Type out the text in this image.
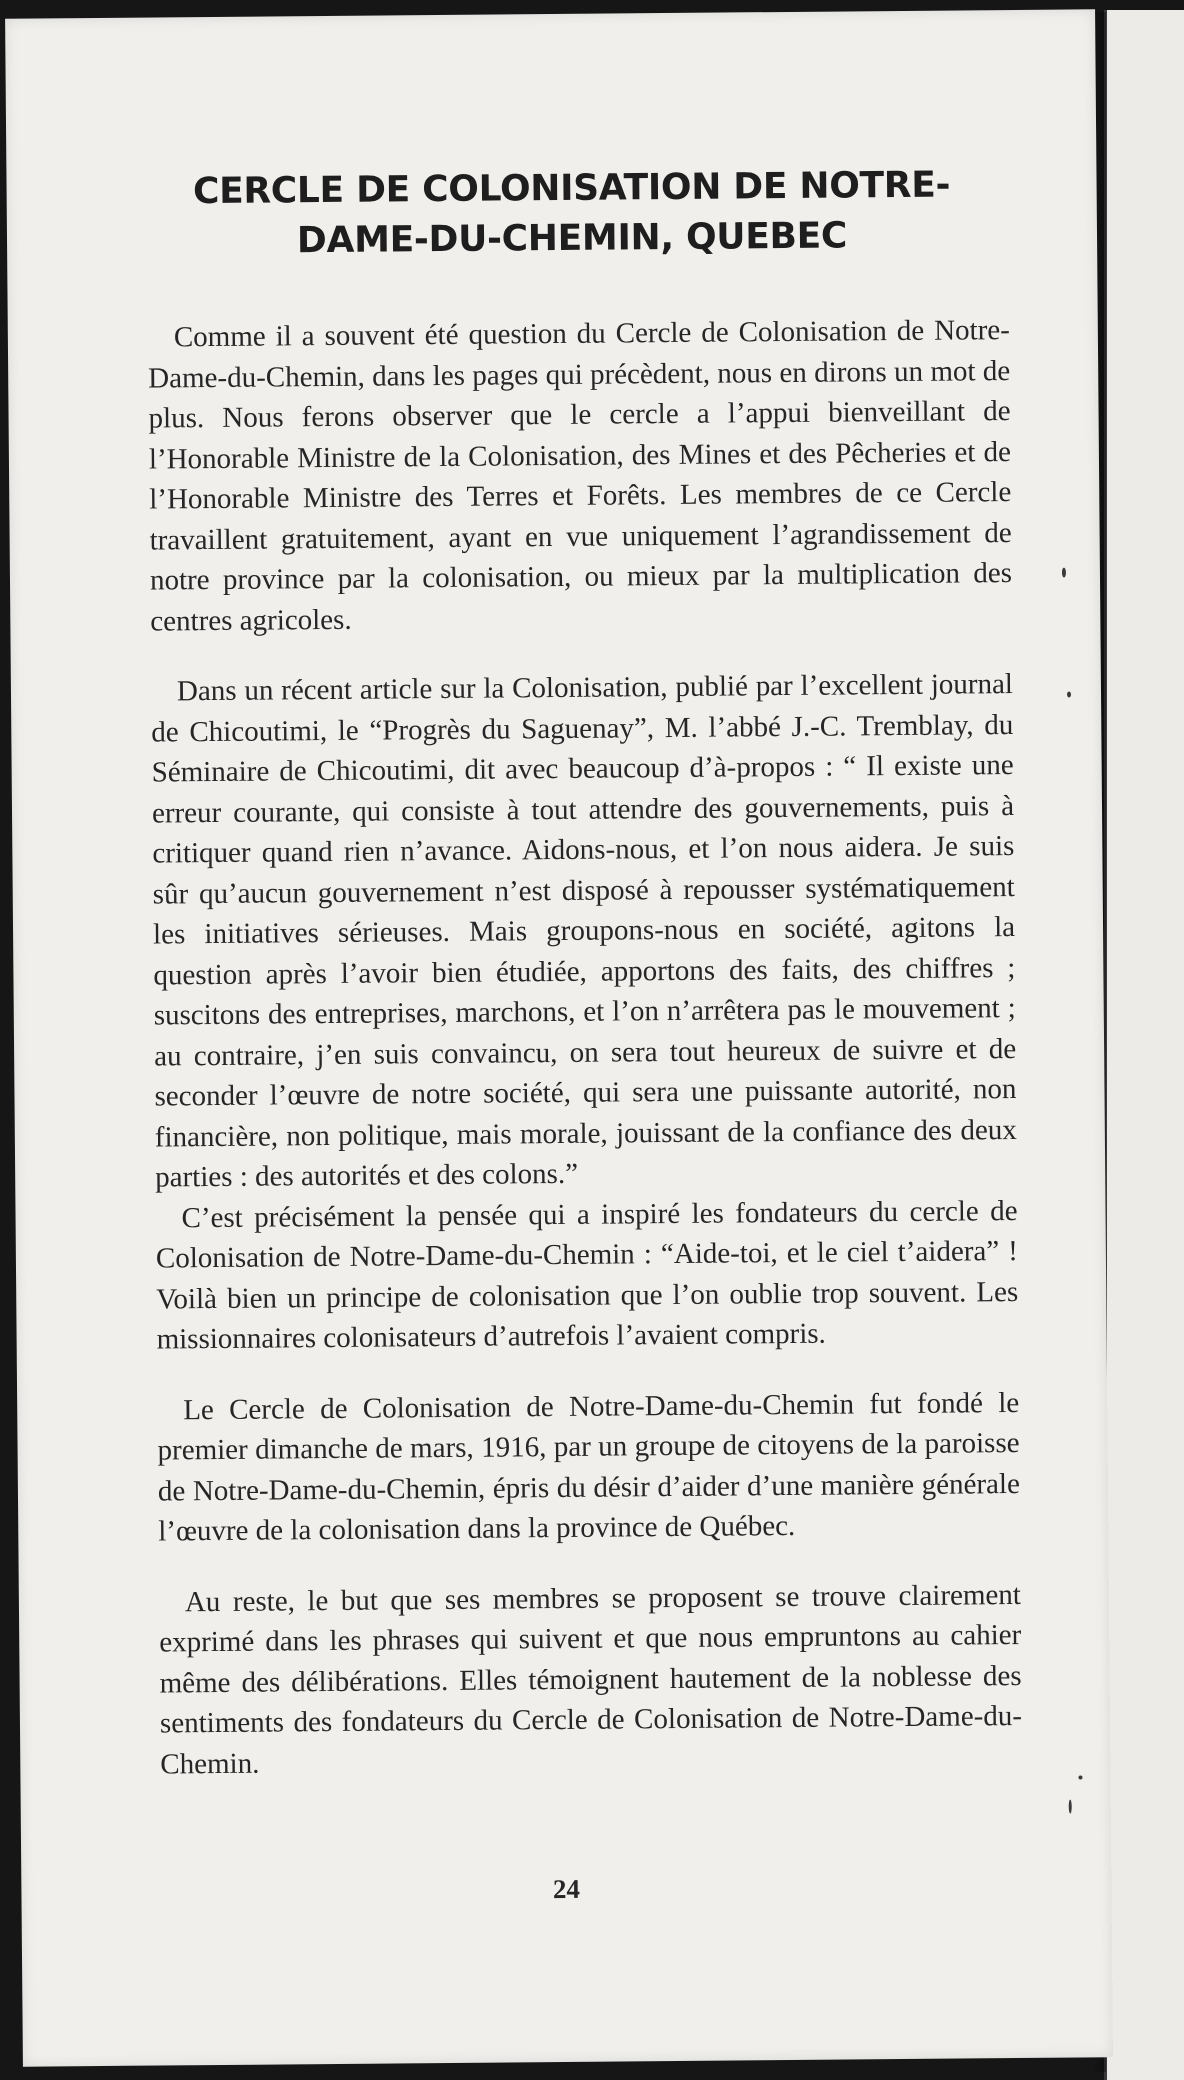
CERCLE DE COLONISATION DE NOTRE-DAME-DU-CHEMIN, QUEBEC

Comme il a souvent été question du Cercle de Colonisation de Notre-Dame-du-Chemin, dans les pages qui précèdent, nous en dirons un mot de plus. Nous ferons observer que le cercle a l’appui bienveillant de l’Honorable Ministre de la Colonisation, des Mines et des Pêcheries et de l’Honorable Ministre des Terres et Forêts. Les membres de ce Cercle travaillent gratuitement, ayant en vue uniquement l’agrandissement de notre province par la colonisation, ou mieux par la multiplication des centres agricoles.

Dans un récent article sur la Colonisation, publié par l’excellent journal de Chicoutimi, le “Progrès du Saguenay”, M. l’abbé J.-C. Tremblay, du Séminaire de Chicoutimi, dit avec beaucoup d’à-propos : “ Il existe une erreur courante, qui consiste à tout attendre des gouvernements, puis à critiquer quand rien n’avance. Aidons-nous, et l’on nous aidera. Je suis sûr qu’aucun gouvernement n’est disposé à repousser systématiquement les initiatives sérieuses. Mais groupons-nous en société, agitons la question après l’avoir bien étudiée, apportons des faits, des chiffres ; suscitons des entreprises, marchons, et l’on n’arrêtera pas le mouvement ; au contraire, j’en suis convaincu, on sera tout heureux de suivre et de seconder l’œuvre de notre société, qui sera une puissante autorité, non financière, non politique, mais morale, jouissant de la confiance des deux parties : des autorités et des colons.”

C’est précisément la pensée qui a inspiré les fondateurs du cercle de Colonisation de Notre-Dame-du-Chemin : “Aide-toi, et le ciel t’aidera” ! Voilà bien un principe de colonisation que l’on oublie trop souvent. Les missionnaires colonisateurs d’autrefois l’avaient compris.

Le Cercle de Colonisation de Notre-Dame-du-Chemin fut fondé le premier dimanche de mars, 1916, par un groupe de citoyens de la paroisse de Notre-Dame-du-Chemin, épris du désir d’aider d’une manière générale l’œuvre de la colonisation dans la province de Québec.

Au reste, le but que ses membres se proposent se trouve clairement exprimé dans les phrases qui suivent et que nous empruntons au cahier même des délibérations. Elles témoignent hautement de la noblesse des sentiments des fondateurs du Cercle de Colonisation de Notre-Dame-du-Chemin.

24
